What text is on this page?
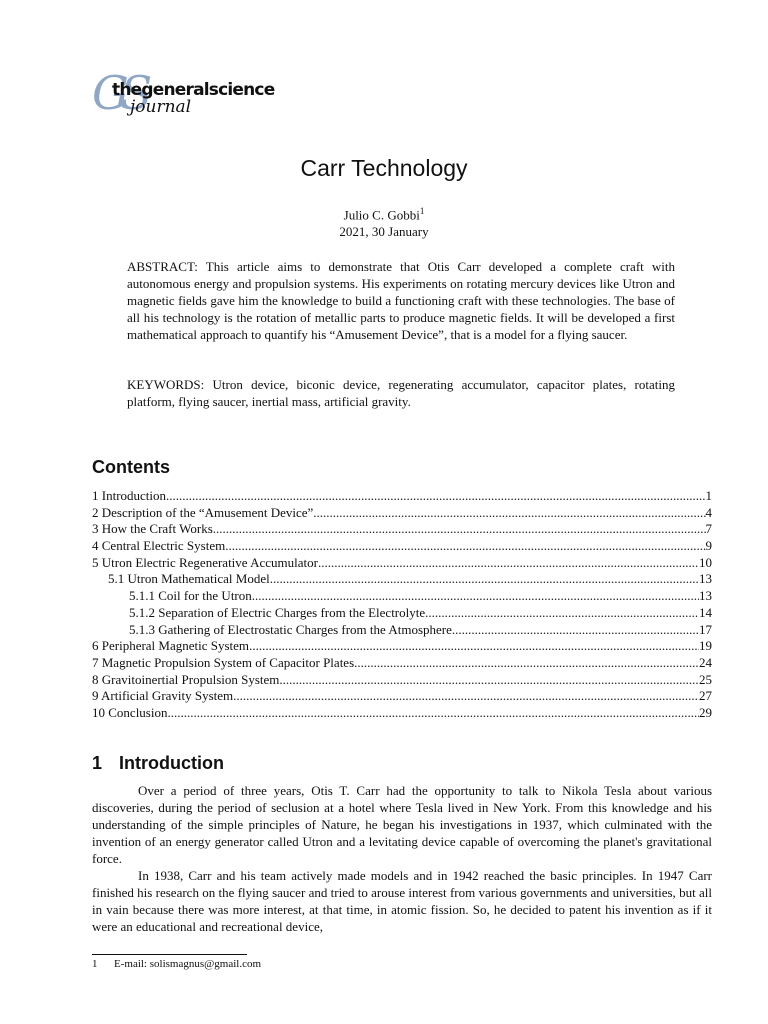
GS
thegeneralscience
journal
Carr Technology
Julio C. Gobbi$^1$
2021, 30 January
ABSTRACT: This article aims to demonstrate that Otis Carr developed a complete craft with autonomous energy and propulsion systems. His experiments on rotating mercury devices like Utron and magnetic fields gave him the knowledge to build a functioning craft with these technologies. The base of all his technology is the rotation of metallic parts to produce magnetic fields. It will be developed a first mathematical approach to quantify his “Amusement Device”, that is a model for a flying saucer.
KEYWORDS: Utron device, biconic device, regenerating accumulator, capacitor plates, rotating platform, flying saucer, inertial mass, artificial gravity.
Contents
1 Introduction .....	1
2 Description of the “Amusement Device” .....	4
3 How the Craft Works .....	7
4 Central Electric System .....	9
5 Utron Electric Regenerative Accumulator .....	10
5.1 Utron Mathematical Model .....	13
5.1.1 Coil for the Utron .....	13
5.1.2 Separation of Electric Charges from the Electrolyte .....	14
5.1.3 Gathering of Electrostatic Charges from the Atmosphere .....	17
6 Peripheral Magnetic System .....	19
7 Magnetic Propulsion System of Capacitor Plates .....	24
8 Gravitoinertial Propulsion System .....	25
9 Artificial Gravity System .....	27
10 Conclusion .....	29
1 Introduction

Over a period of three years, Otis T. Carr had the opportunity to talk to Nikola Tesla about various discoveries, during the period of seclusion at a hotel where Tesla lived in New York. From this knowledge and his understanding of the simple principles of Nature, he began his investigations in 1937, which culminated with the invention of an energy generator called Utron and a levitating device capable of overcoming the planet's gravitational force.

In 1938, Carr and his team actively made models and in 1942 reached the basic principles. In 1947 Carr finished his research on the flying saucer and tried to arouse interest from various governments and universities, but all in vain because there was more interest, at that time, in atomic fission. So, he decided to patent his invention as if it were an educational and recreational device,

1 E-mail: solismagnus@gmail.com
